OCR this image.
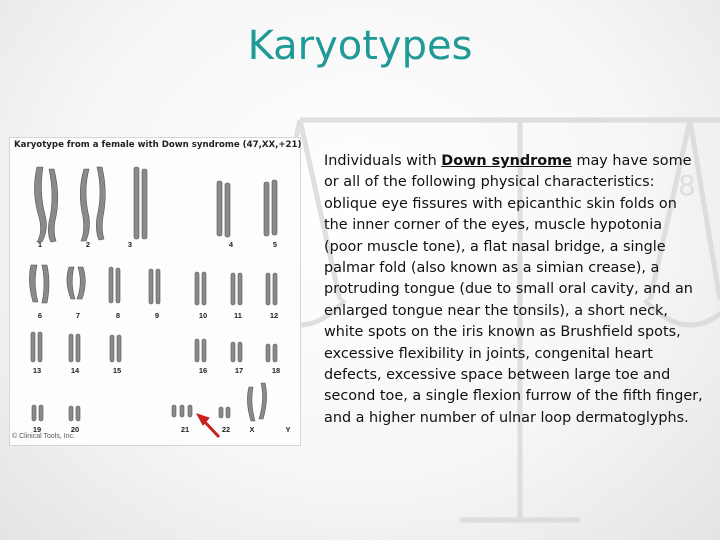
8
Karyotypes
Karyotype from a female with Down syndrome (47,XX,+21)
1	2	3	4	5
6	7	8	9	10	11	12
13	14	15	16	17	18
19	20	21	22	X	Y
© Clinical Tools, Inc.
Individuals with Down syndrome may have some or all of the following physical characteristics: oblique eye fissures with epicanthic skin folds on the inner corner of the eyes, muscle hypotonia (poor muscle tone), a flat nasal bridge, a single palmar fold (also known as a simian crease), a protruding tongue (due to small oral cavity, and an enlarged tongue near the tonsils), a short neck, white spots on the iris known as Brushfield spots, excessive flexibility in joints, congenital heart defects, excessive space between large toe and second toe, a single flexion furrow of the fifth finger, and a higher number of ulnar loop dermatoglyphs.
